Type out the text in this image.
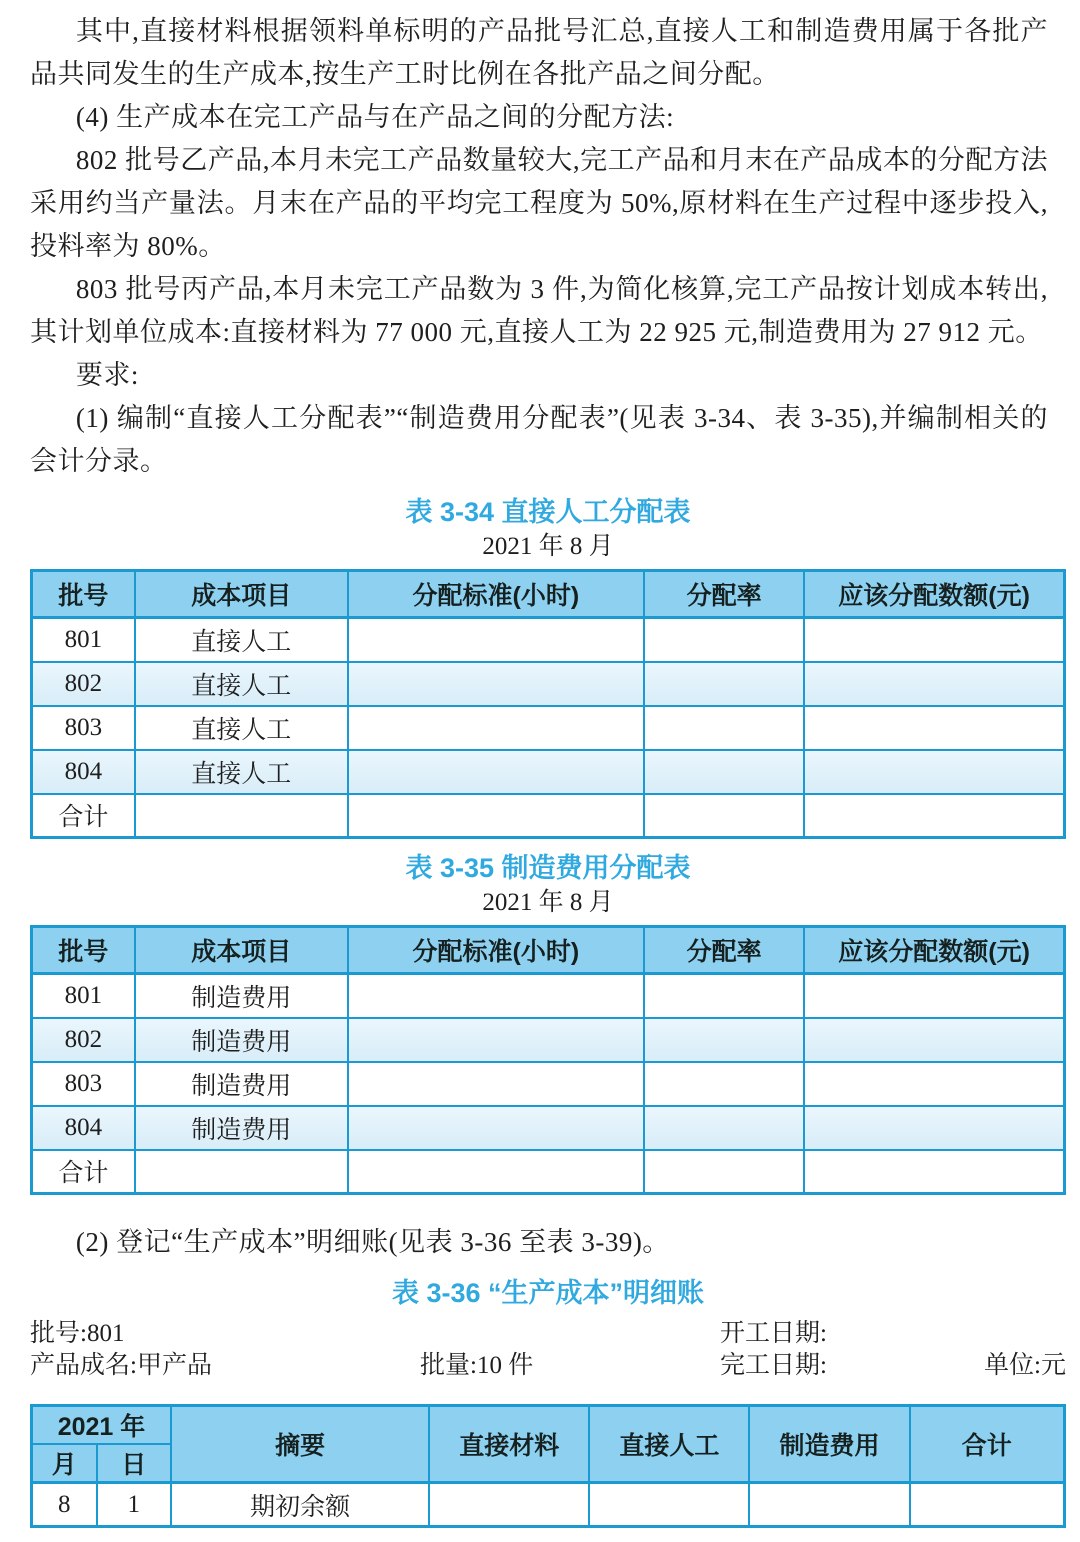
其中,直接材料根据领料单标明的产品批号汇总,直接人工和制造费用属于各批产品共同发生的生产成本,按生产工时比例在各批产品之间分配。

(4) 生产成本在完工产品与在产品之间的分配方法:

802 批号乙产品,本月未完工产品数量较大,完工产品和月末在产品成本的分配方法采用约当产量法。月末在产品的平均完工程度为 50%,原材料在生产过程中逐步投入,投料率为 80%。

803 批号丙产品,本月未完工产品数为 3 件,为简化核算,完工产品按计划成本转出,其计划单位成本:直接材料为 77 000 元,直接人工为 22 925 元,制造费用为 27 912 元。

要求:

(1) 编制“直接人工分配表”“制造费用分配表”(见表 3-34、表 3-35),并编制相关的会计分录。

表 3-34 直接人工分配表
2021 年 8 月
批号	成本项目	分配标准(小时)	分配率	应该分配数额(元)
801	直接人工			
802	直接人工			
803	直接人工			
804	直接人工			
合计				
表 3-35 制造费用分配表
2021 年 8 月
批号	成本项目	分配标准(小时)	分配率	应该分配数额(元)
801	制造费用			
802	制造费用			
803	制造费用			
804	制造费用			
合计				

(2) 登记“生产成本”明细账(见表 3-36 至表 3-39)。

表 3-36 “生产成本”明细账
批号:801	开工日期:
产品成名:甲产品	批量:10 件	完工日期:	单位:元
2021 年		摘要	直接材料	直接人工	制造费用	合计
月	日					
8	1	期初余额				
